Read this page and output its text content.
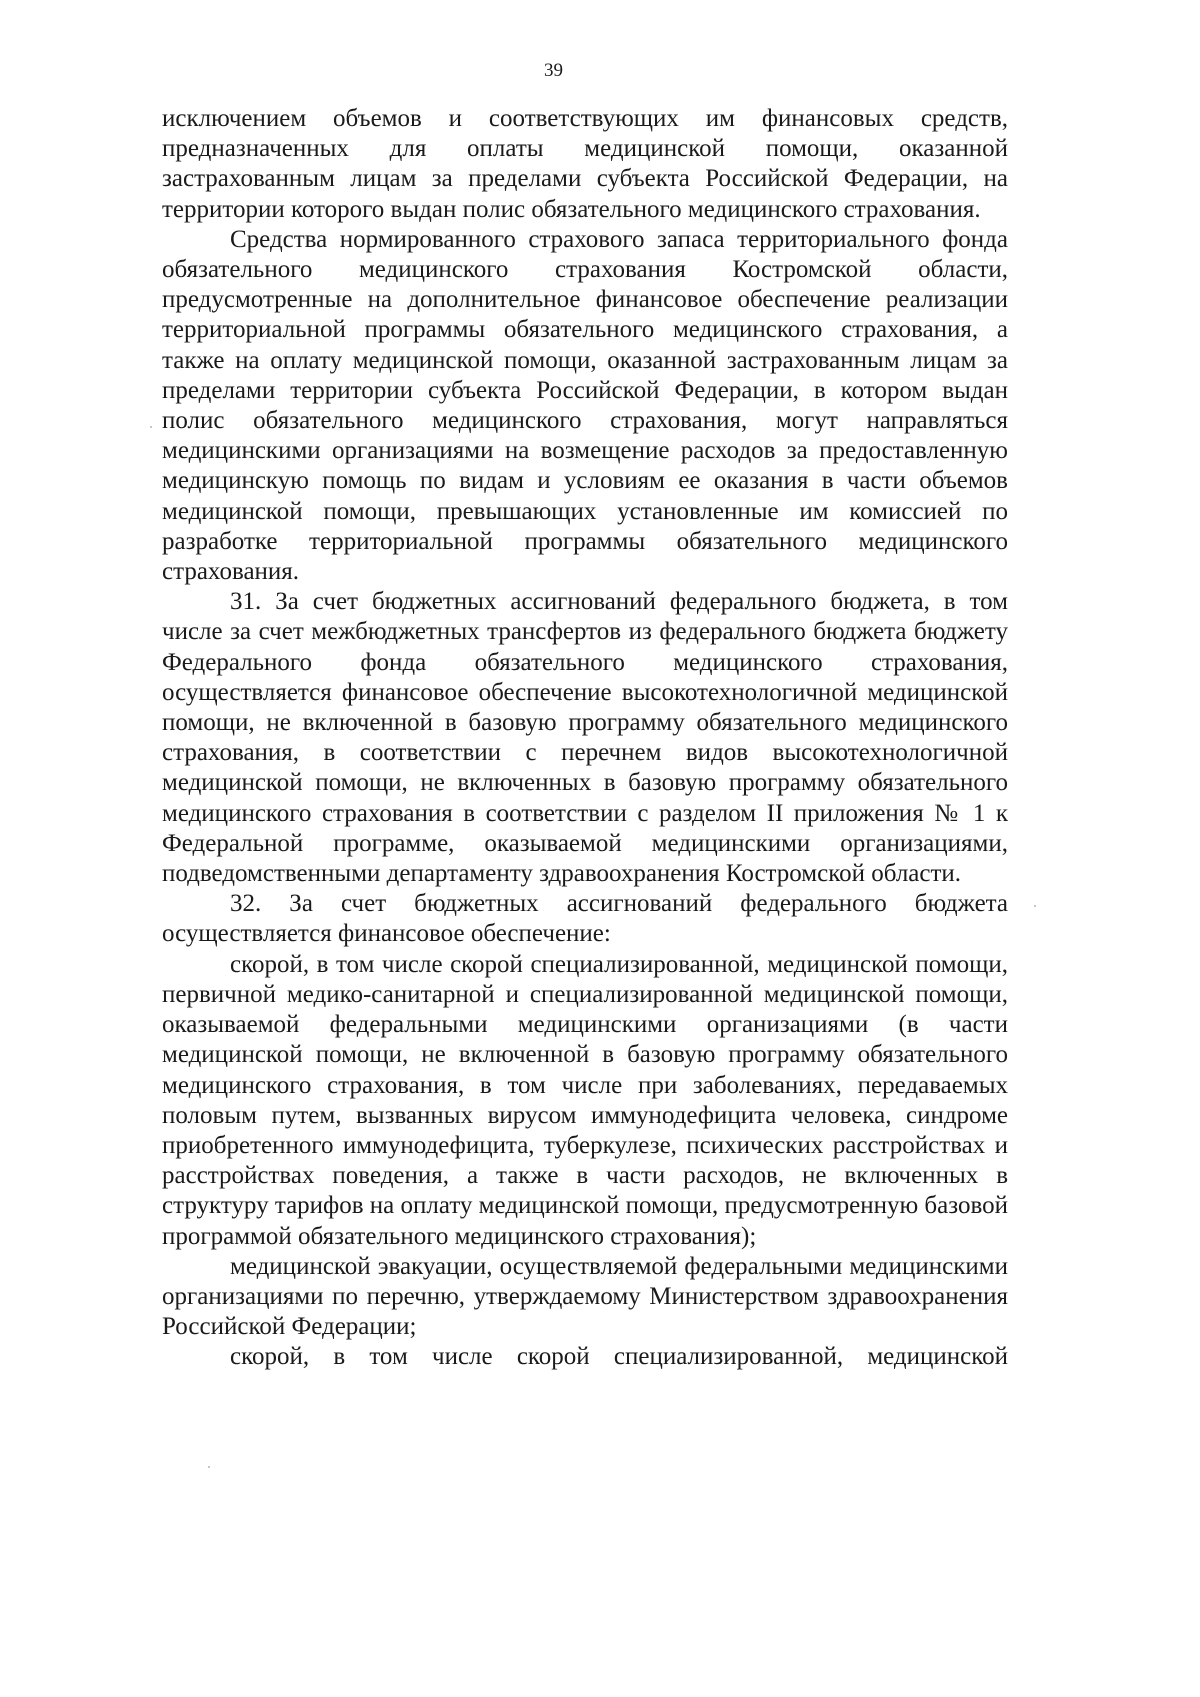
39

исключением объемов и соответствующих им финансовых средств, предназначенных для оплаты медицинской помощи, оказанной застрахованным лицам за пределами субъекта Российской Федерации, на территории которого выдан полис обязательного медицинского страхования.

Средства нормированного страхового запаса территориального фонда обязательного медицинского страхования Костромской области, предусмотренные на дополнительное финансовое обеспечение реализации территориальной программы обязательного медицинского страхования, а также на оплату медицинской помощи, оказанной застрахованным лицам за пределами территории субъекта Российской Федерации, в котором выдан полис обязательного медицинского страхования, могут направляться медицинскими организациями на возмещение расходов за предоставленную медицинскую помощь по видам и условиям ее оказания в части объемов медицинской помощи, превышающих установленные им комиссией по разработке территориальной программы обязательного медицинского страхования.

31. За счет бюджетных ассигнований федерального бюджета, в том числе за счет межбюджетных трансфертов из федерального бюджета бюджету Федерального фонда обязательного медицинского страхования, осуществляется финансовое обеспечение высокотехнологичной медицинской помощи, не включенной в базовую программу обязательного медицинского страхования, в соответствии с перечнем видов высокотехнологичной медицинской помощи, не включенных в базовую программу обязательного медицинского страхования в соответствии с разделом II приложения № 1 к Федеральной программе, оказываемой медицинскими организациями, подведомственными департаменту здравоохранения Костромской области.

32. За счет бюджетных ассигнований федерального бюджета осуществляется финансовое обеспечение:

скорой, в том числе скорой специализированной, медицинской помощи, первичной медико-санитарной и специализированной медицинской помощи, оказываемой федеральными медицинскими организациями (в части медицинской помощи, не включенной в базовую программу обязательного медицинского страхования, в том числе при заболеваниях, передаваемых половым путем, вызванных вирусом иммунодефицита человека, синдроме приобретенного иммунодефицита, туберкулезе, психических расстройствах и расстройствах поведения, а также в части расходов, не включенных в структуру тарифов на оплату медицинской помощи, предусмотренную базовой программой обязательного медицинского страхования);

медицинской эвакуации, осуществляемой федеральными медицинскими организациями по перечню, утверждаемому Министерством здравоохранения Российской Федерации;

скорой, в том числе скорой специализированной, медицинской
